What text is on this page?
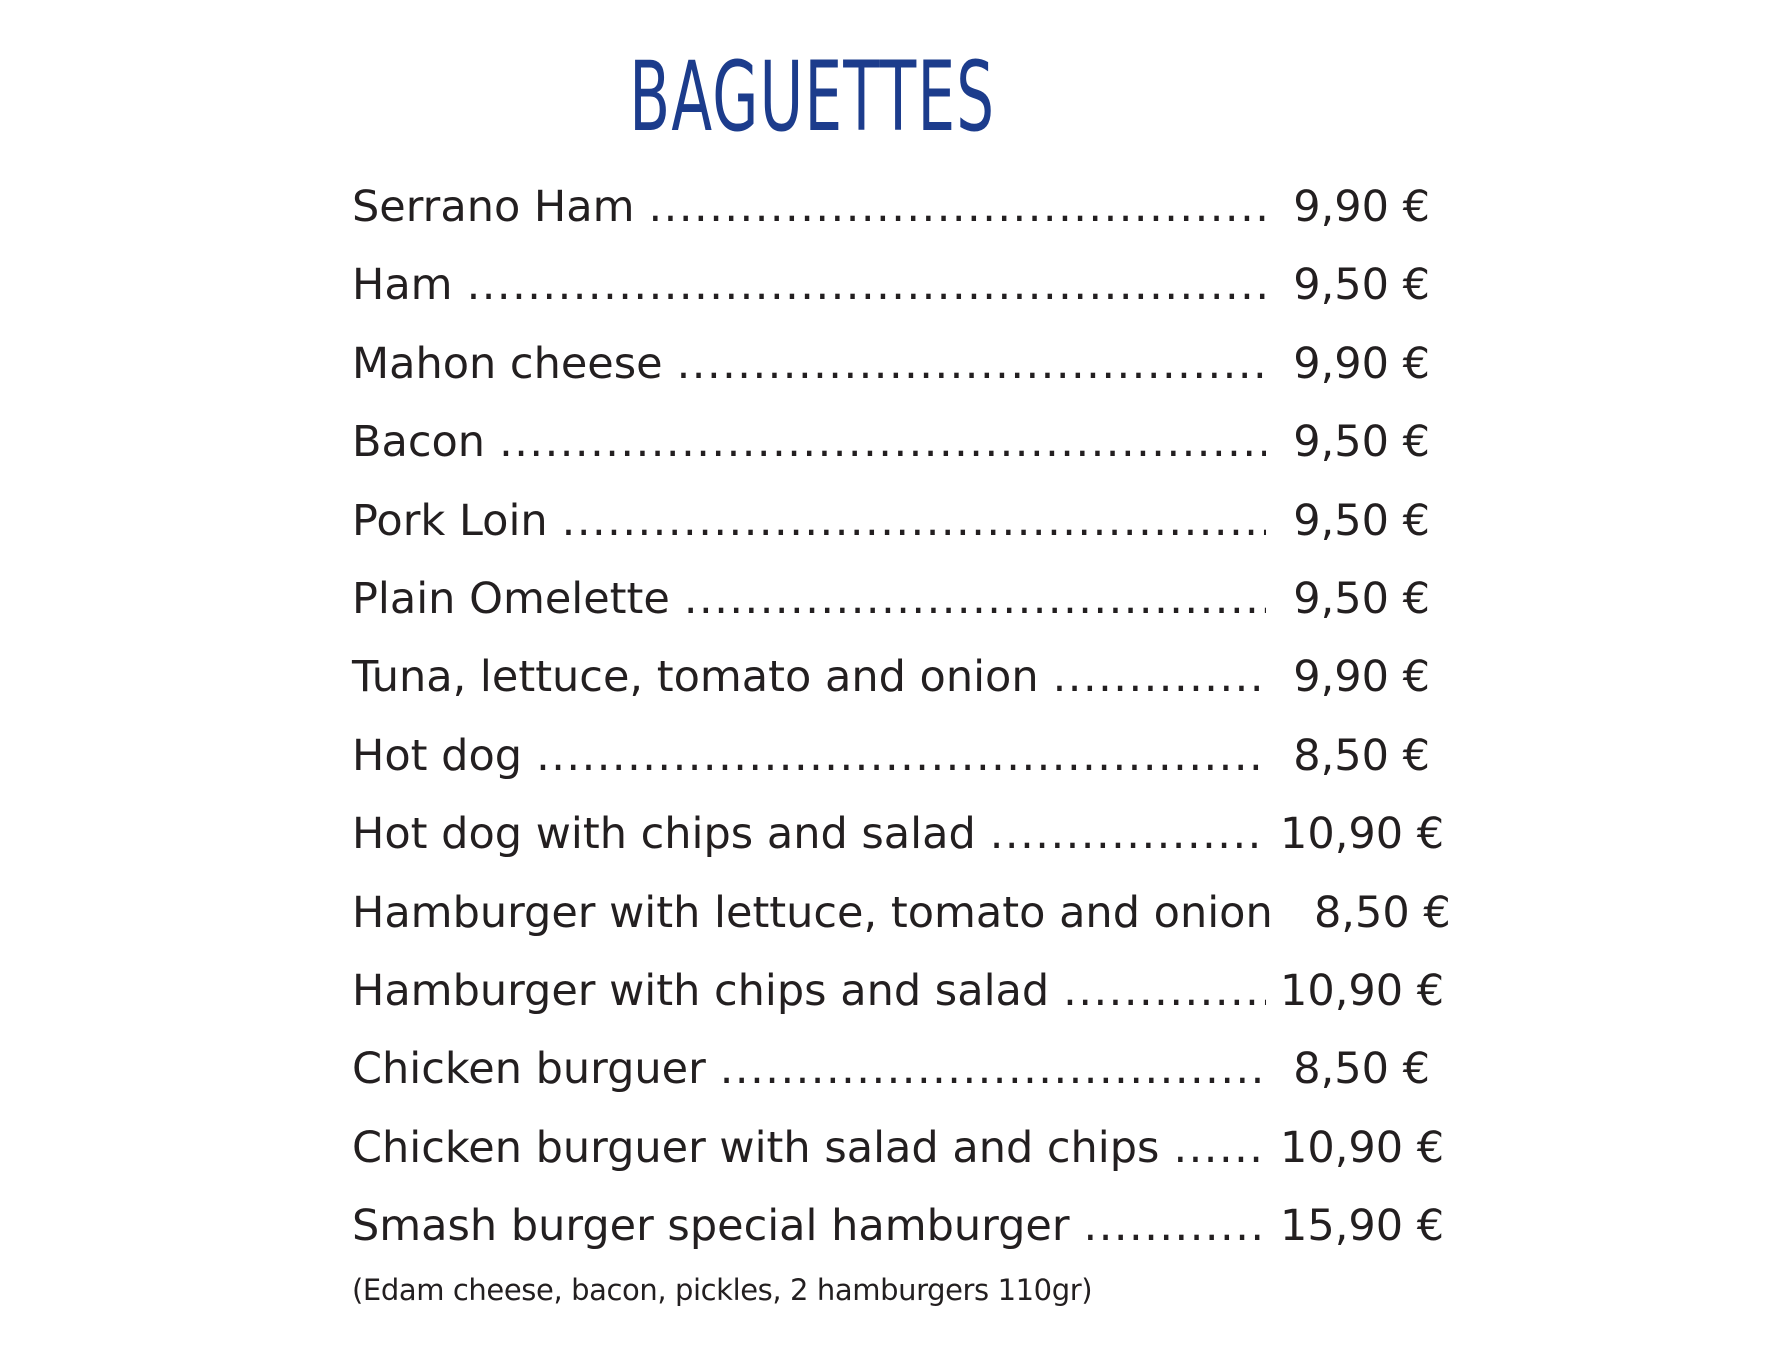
BAGUETTES
Serrano Ham .....	9,90 €
Ham .....	9,50 €
Mahon cheese .....	9,90 €
Bacon .....	9,50 €
Pork Loin .....	9,50 €
Plain Omelette .....	9,50 €
Tuna, lettuce, tomato and onion .....	9,90 €
Hot dog .....	8,50 €
Hot dog with chips and salad .....	10,90 €
Hamburger with lettuce, tomato and onion 8,50 €
Hamburger with chips and salad .....	10,90 €
Chicken burguer .....	8,50 €
Chicken burguer with salad and chips .....	10,90 €
Smash burger special hamburger .....	15,90 €
(Edam cheese, bacon, pickles, 2 hamburgers 110gr)
